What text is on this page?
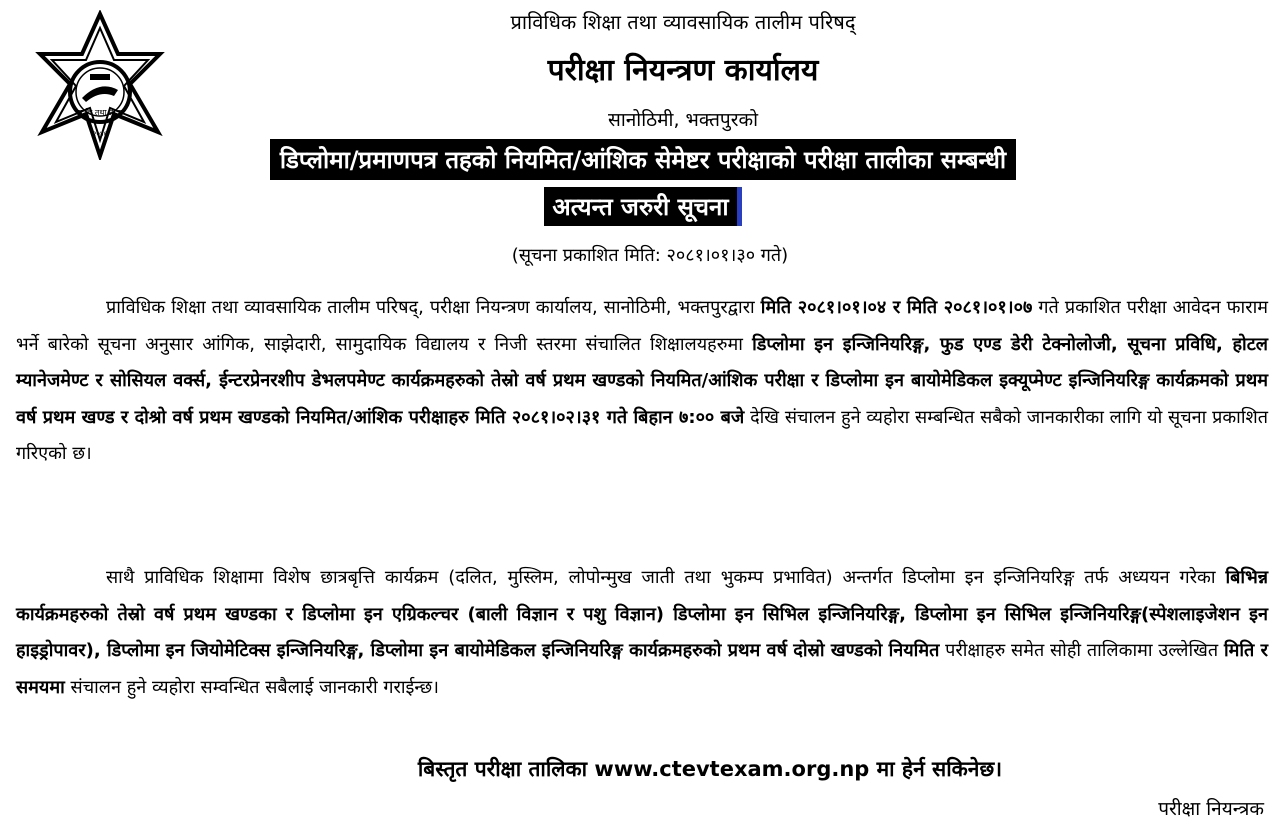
सू चि तथा ता प
२०४६
प्राविधिक शिक्षा तथा व्यावसायिक तालीम परिषद्
परीक्षा नियन्त्रण कार्यालय
सानोठिमी, भक्तपुरको
डिप्लोमा/प्रमाणपत्र तहको नियमित/आंशिक सेमेष्टर परीक्षाको परीक्षा तालीका सम्बन्धी
अत्यन्त जरुरी सूचना
(सूचना प्रकाशित मिति: २०८१।०१।३० गते)
प्राविधिक शिक्षा तथा व्यावसायिक तालीम परिषद्, परीक्षा नियन्त्रण कार्यालय, सानोठिमी, भक्तपुरद्वारा मिति २०८१।०१।०४ र मिति २०८१।०१।०७ गते प्रकाशित परीक्षा आवेदन फाराम भर्ने बारेको सूचना अनुसार आंगिक, साझेदारी, सामुदायिक विद्यालय र निजी स्तरमा संचालित शिक्षालयहरुमा डिप्लोमा इन इन्जिनियरिङ्ग, फुड एण्ड डेरी टेक्नोलोजी, सूचना प्रविधि, होटल म्यानेजमेण्ट र सोसियल वर्क्स, ईन्टरप्रेनरशीप डेभलपमेण्ट कार्यक्रमहरुको तेस्रो वर्ष प्रथम खण्डको नियमित/आंशिक परीक्षा र डिप्लोमा इन बायोमेडिकल इक्यूप्मेण्ट इन्जिनियरिङ्ग कार्यक्रमको प्रथम वर्ष प्रथम खण्ड र दोश्रो वर्ष प्रथम खण्डको नियमित/आंशिक परीक्षाहरु मिति २०८१।०२।३१ गते बिहान ७:०० बजे देखि संचालन हुने व्यहोरा सम्बन्धित सबैको जानकारीका लागि यो सूचना प्रकाशित गरिएको छ।
साथै प्राविधिक शिक्षामा विशेष छात्रबृत्ति कार्यक्रम (दलित, मुस्लिम, लोपोन्मुख जाती तथा भुकम्प प्रभावित) अन्तर्गत डिप्लोमा इन इन्जिनियरिङ्ग तर्फ अध्ययन गरेका बिभिन्न कार्यक्रमहरुको तेस्रो वर्ष प्रथम खण्डका र डिप्लोमा इन एग्रिकल्चर (बाली विज्ञान र पशु विज्ञान) डिप्लोमा इन सिभिल इन्जिनियरिङ्ग, डिप्लोमा इन सिभिल इन्जिनियरिङ्ग(स्पेशलाइजेशन इन हाइड्रोपावर), डिप्लोमा इन जियोमेटिक्स इन्जिनियरिङ्ग, डिप्लोमा इन बायोमेडिकल इन्जिनियरिङ्ग कार्यक्रमहरुको प्रथम वर्ष दोस्रो खण्डको नियमित परीक्षाहरु समेत सोही तालिकामा उल्लेखित मिति र समयमा संचालन हुने व्यहोरा सम्वन्धित सबैलाई जानकारी गराईन्छ।
बिस्तृत परीक्षा तालिका www.ctevtexam.org.np मा हेर्न सकिनेछ।
परीक्षा नियन्त्रक
